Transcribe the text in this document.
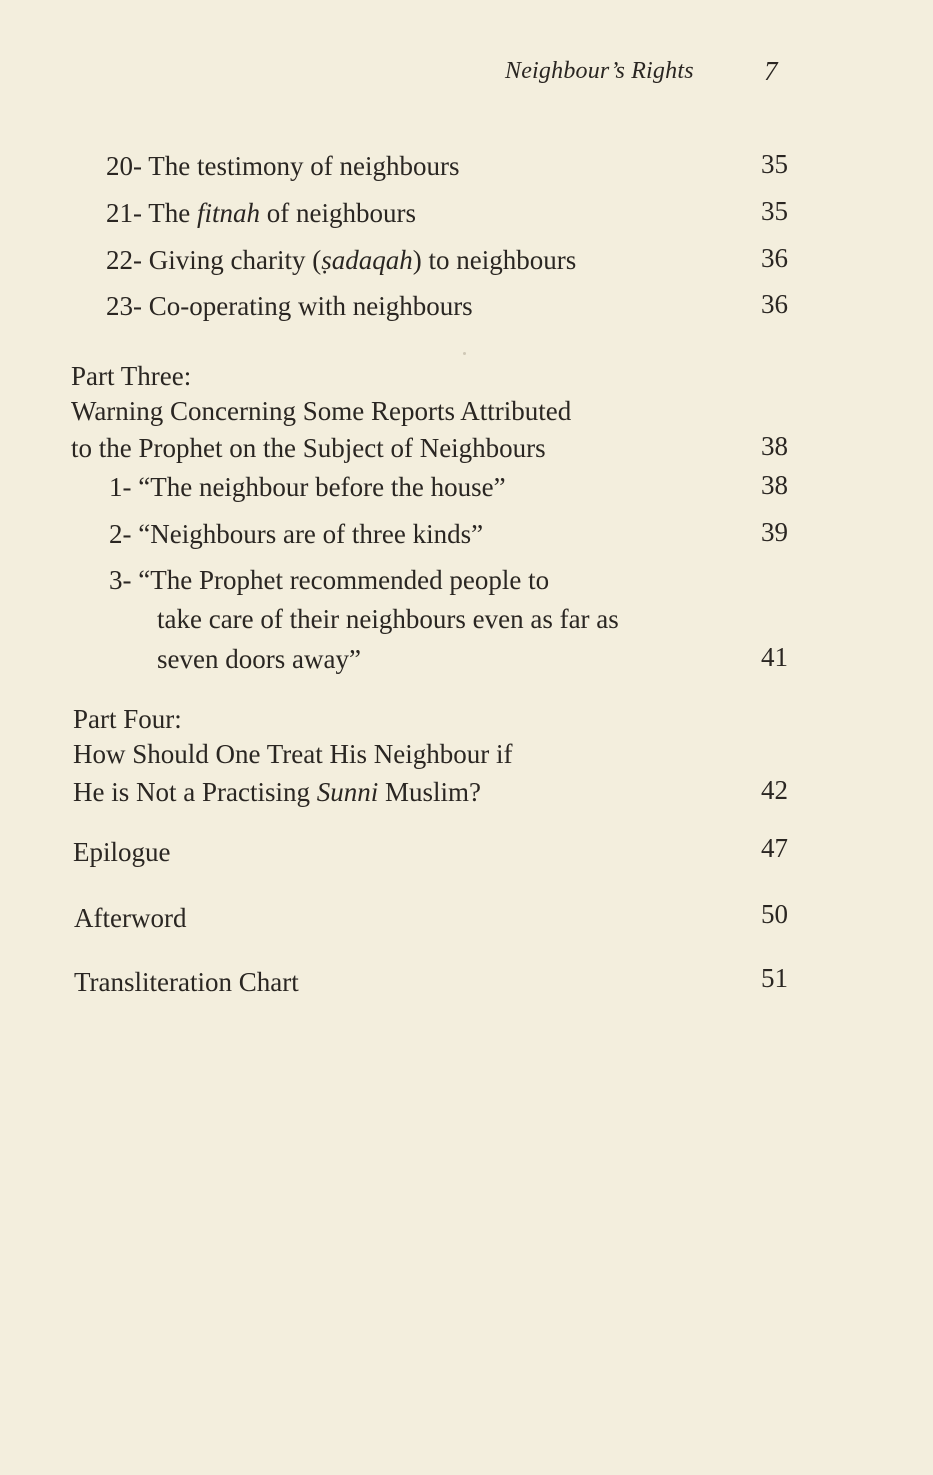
Neighbour’s Rights	7
20- The testimony of neighbours	35
21- The fitnah of neighbours	35
22- Giving charity (ṣadaqah) to neighbours	36
23- Co-operating with neighbours	36
Part Three:
Warning Concerning Some Reports Attributed
to the Prophet on the Subject of Neighbours	38
1- “The neighbour before the house”	38
2- “Neighbours are of three kinds”	39
3- “The Prophet recommended people to
take care of their neighbours even as far as
seven doors away”	41
Part Four:
How Should One Treat His Neighbour if
He is Not a Practising Sunni Muslim?	42
Epilogue	47
Afterword	50
Transliteration Chart	51
